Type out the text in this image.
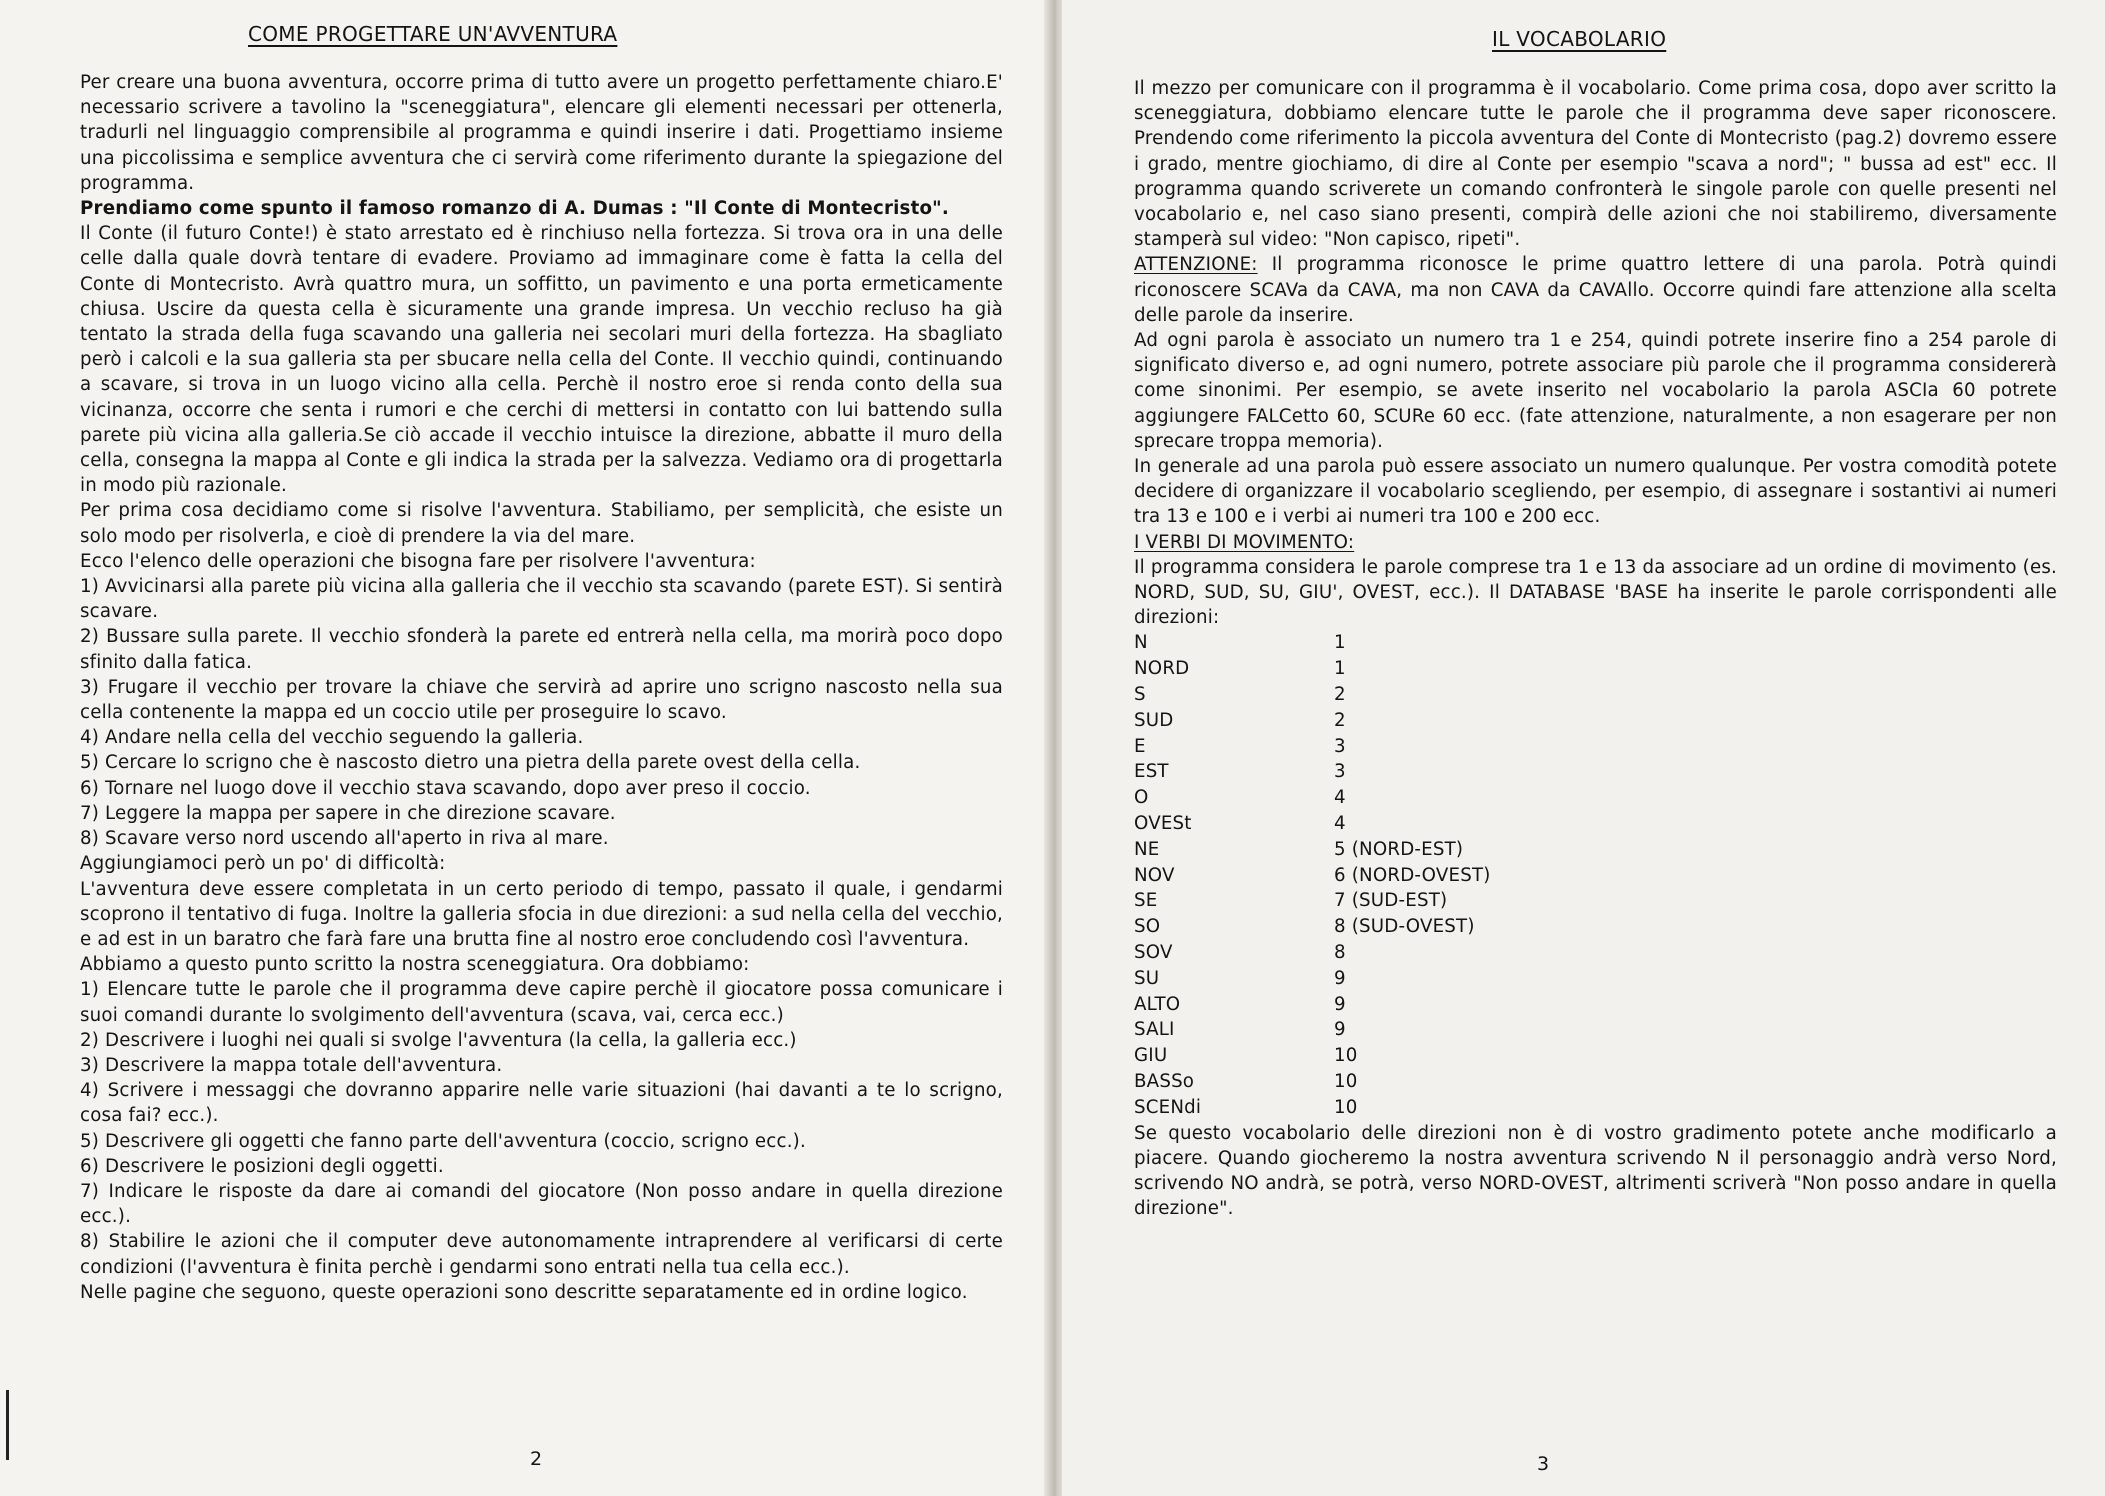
COME PROGETTARE UN'AVVENTURA

Per creare una buona avventura, occorre prima di tutto avere un progetto perfettamente chiaro.E' necessario scrivere a tavolino la "sceneggiatura", elencare gli elementi necessari per ottenerla, tradurli nel linguaggio comprensibile al programma e quindi inserire i dati. Progettiamo insieme una piccolissima e semplice avventura che ci servirà come riferimento durante la spiegazione del programma.

Prendiamo come spunto il famoso romanzo di A. Dumas : "Il Conte di Montecristo".

Il Conte (il futuro Conte!) è stato arrestato ed è rinchiuso nella fortezza. Si trova ora in una delle celle dalla quale dovrà tentare di evadere. Proviamo ad immaginare come è fatta la cella del Conte di Montecristo. Avrà quattro mura, un soffitto, un pavimento e una porta ermeticamente chiusa. Uscire da questa cella è sicuramente una grande impresa. Un vecchio recluso ha già tentato la strada della fuga scavando una galleria nei secolari muri della fortezza. Ha sbagliato però i calcoli e la sua galleria sta per sbucare nella cella del Conte. Il vecchio quindi, continuando a scavare, si trova in un luogo vicino alla cella. Perchè il nostro eroe si renda conto della sua vicinanza, occorre che senta i rumori e che cerchi di mettersi in contatto con lui battendo sulla parete più vicina alla galleria.Se ciò accade il vecchio intuisce la direzione, abbatte il muro della cella, consegna la mappa al Conte e gli indica la strada per la salvezza. Vediamo ora di progettarla in modo più razionale.

Per prima cosa decidiamo come si risolve l'avventura. Stabiliamo, per semplicità, che esiste un solo modo per risolverla, e cioè di prendere la via del mare.

Ecco l'elenco delle operazioni che bisogna fare per risolvere l'avventura:

1) Avvicinarsi alla parete più vicina alla galleria che il vecchio sta scavando (parete EST). Si sentirà scavare.

2) Bussare sulla parete. Il vecchio sfonderà la parete ed entrerà nella cella, ma morirà poco dopo sfinito dalla fatica.

3) Frugare il vecchio per trovare la chiave che servirà ad aprire uno scrigno nascosto nella sua cella contenente la mappa ed un coccio utile per proseguire lo scavo.

4) Andare nella cella del vecchio seguendo la galleria.

5) Cercare lo scrigno che è nascosto dietro una pietra della parete ovest della cella.

6) Tornare nel luogo dove il vecchio stava scavando, dopo aver preso il coccio.

7) Leggere la mappa per sapere in che direzione scavare.

8) Scavare verso nord uscendo all'aperto in riva al mare.

Aggiungiamoci però un po' di difficoltà:

L'avventura deve essere completata in un certo periodo di tempo, passato il quale, i gendarmi scoprono il tentativo di fuga. Inoltre la galleria sfocia in due direzioni: a sud nella cella del vecchio, e ad est in un baratro che farà fare una brutta fine al nostro eroe concludendo così l'avventura.

Abbiamo a questo punto scritto la nostra sceneggiatura. Ora dobbiamo:

1) Elencare tutte le parole che il programma deve capire perchè il giocatore possa comunicare i suoi comandi durante lo svolgimento dell'avventura (scava, vai, cerca ecc.)

2) Descrivere i luoghi nei quali si svolge l'avventura (la cella, la galleria ecc.)

3) Descrivere la mappa totale dell'avventura.

4) Scrivere i messaggi che dovranno apparire nelle varie situazioni (hai davanti a te lo scrigno, cosa fai? ecc.).

5) Descrivere gli oggetti che fanno parte dell'avventura (coccio, scrigno ecc.).

6) Descrivere le posizioni degli oggetti.

7) Indicare le risposte da dare ai comandi del giocatore (Non posso andare in quella direzione ecc.).

8) Stabilire le azioni che il computer deve autonomamente intraprendere al verificarsi di certe condizioni (l'avventura è finita perchè i gendarmi sono entrati nella tua cella ecc.).

Nelle pagine che seguono, queste operazioni sono descritte separatamente ed in ordine logico.

2
IL VOCABOLARIO

Il mezzo per comunicare con il programma è il vocabolario. Come prima cosa, dopo aver scritto la sceneggiatura, dobbiamo elencare tutte le parole che il programma deve saper riconoscere. Prendendo come riferimento la piccola avventura del Conte di Montecristo (pag.2) dovremo essere i grado, mentre giochiamo, di dire al Conte per esempio "scava a nord"; " bussa ad est" ecc. Il programma quando scriverete un comando confronterà le singole parole con quelle presenti nel vocabolario e, nel caso siano presenti, compirà delle azioni che noi stabiliremo, diversamente stamperà sul video: "Non capisco, ripeti".

ATTENZIONE: Il programma riconosce le prime quattro lettere di una parola. Potrà quindi riconoscere SCAVa da CAVA, ma non CAVA da CAVAllo. Occorre quindi fare attenzione alla scelta delle parole da inserire.

Ad ogni parola è associato un numero tra 1 e 254, quindi potrete inserire fino a 254 parole di significato diverso e, ad ogni numero, potrete associare più parole che il programma considererà come sinonimi. Per esempio, se avete inserito nel vocabolario la parola ASCIa 60 potrete aggiungere FALCetto 60, SCURe 60 ecc. (fate attenzione, naturalmente, a non esagerare per non sprecare troppa memoria).

In generale ad una parola può essere associato un numero qualunque. Per vostra comodità potete decidere di organizzare il vocabolario scegliendo, per esempio, di assegnare i sostantivi ai numeri tra 13 e 100 e i verbi ai numeri tra 100 e 200 ecc.

I VERBI DI MOVIMENTO:

Il programma considera le parole comprese tra 1 e 13 da associare ad un ordine di movimento (es. NORD, SUD, SU, GIU', OVEST, ecc.). Il DATABASE 'BASE ha inserite le parole corrispondenti alle direzioni:

N	1
NORD	1
S	2
SUD	2
E	3
EST	3
O	4
OVESt	4
NE	5 (NORD-EST)
NOV	6 (NORD-OVEST)
SE	7 (SUD-EST)
SO	8 (SUD-OVEST)
SOV	8
SU	9
ALTO	9
SALI	9
GIU	10
BASSo	10
SCENdi	10

Se questo vocabolario delle direzioni non è di vostro gradimento potete anche modificarlo a piacere. Quando giocheremo la nostra avventura scrivendo N il personaggio andrà verso Nord, scrivendo NO andrà, se potrà, verso NORD-OVEST, altrimenti scriverà "Non posso andare in quella direzione".

3
